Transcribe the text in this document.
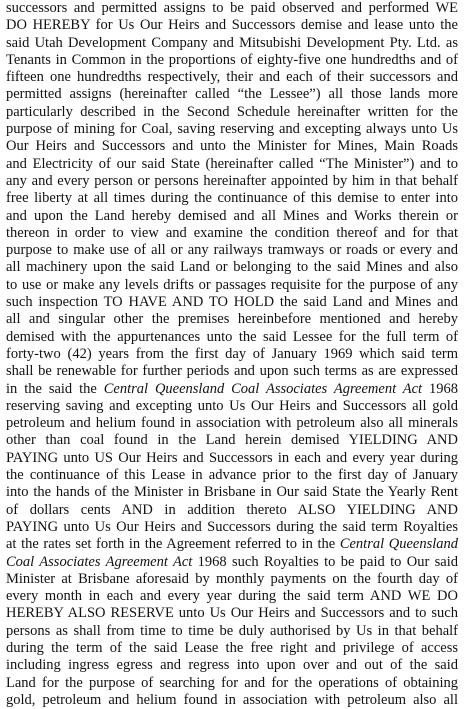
successors and permitted assigns to be paid observed and performed WE
DO HEREBY for Us Our Heirs and Successors demise and lease unto the
said Utah Development Company and Mitsubishi Development Pty. Ltd. as
Tenants in Common in the proportions of eighty-five one hundredths and of
fifteen one hundredths respectively, their and each of their successors and
permitted assigns (hereinafter called “the Lessee”) all those lands more
particularly described in the Second Schedule hereinafter written for the
purpose of mining for Coal, saving reserving and excepting always unto Us
Our Heirs and Successors and unto the Minister for Mines, Main Roads
and Electricity of our said State (hereinafter called “The Minister”) and to
any and every person or persons hereinafter appointed by him in that behalf
free liberty at all times during the continuance of this demise to enter into
and upon the Land hereby demised and all Mines and Works therein or
thereon in order to view and examine the condition thereof and for that
purpose to make use of all or any railways tramways or roads or every and
all machinery upon the said Land or belonging to the said Mines and also
to use or make any levels drifts or passages requisite for the purpose of any
such inspection TO HAVE AND TO HOLD the said Land and Mines and
all and singular other the premises hereinbefore mentioned and hereby
demised with the appurtenances unto the said Lessee for the full term of
forty-two (42) years from the first day of January 1969 which said term
shall be renewable for further periods and upon such terms as are expressed
in the said the Central Queensland Coal Associates Agreement Act 1968
reserving saving and excepting unto Us Our Heirs and Successors all gold
petroleum and helium found in association with petroleum also all minerals
other than coal found in the Land herein demised YIELDING AND
PAYING unto US Our Heirs and Successors in each and every year during
the continuance of this Lease in advance prior to the first day of January
into the hands of the Minister in Brisbane in Our said State the Yearly Rent
of dollars cents AND in addition thereto ALSO YIELDING AND
PAYING unto Us Our Heirs and Successors during the said term Royalties
at the rates set forth in the Agreement referred to in the Central Queensland
Coal Associates Agreement Act 1968 such Royalties to be paid to Our said
Minister at Brisbane aforesaid by monthly payments on the fourth day of
every month in each and every year during the said term AND WE DO
HEREBY ALSO RESERVE unto Us Our Heirs and Successors and to such
persons as shall from time to time be duly authorised by Us in that behalf
during the term of the said Lease the free right and privilege of access
including ingress egress and regress into upon over and out of the said
Land for the purpose of searching for and for the operations of obtaining
gold, petroleum and helium found in association with petroleum also all
